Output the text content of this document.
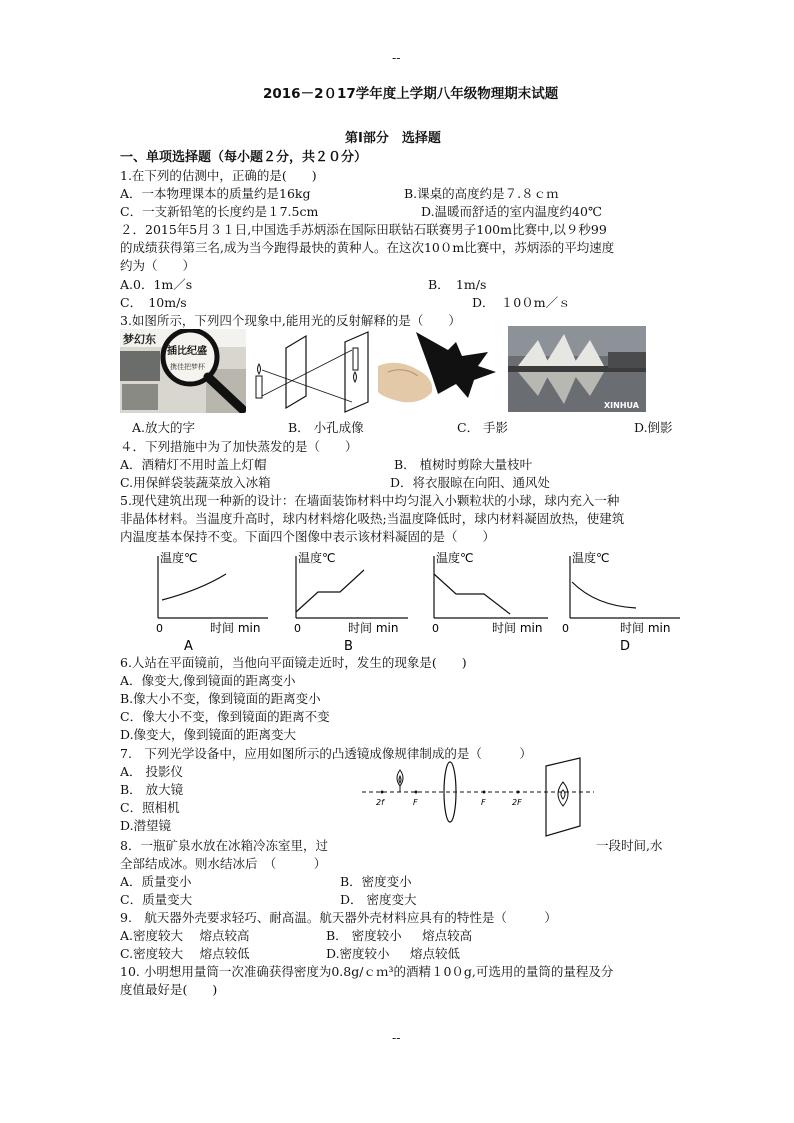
--
2016－2０17学年度上学期八年级物理期末试题
第Ⅰ部分　选择题
一、单项选择题（每小题２分，共２０分）
1.在下列的估测中，正确的是(　　)
A．一本物理课本的质量约是16kg	B.课桌的高度约是７.８ｃｍ
C．一支新铅笔的长度约是１7.5cm	D.温暖而舒适的室内温度约40℃
２．2015年5月３１日,中国选手苏炳添在国际田联钻石联赛男子100m比赛中,以９秒99
的成绩获得第三名,成为当今跑得最快的黄种人。在这次10０m比赛中，苏炳添的平均速度
约为（　　）
A.0．1m／s	B．　1m/s
C．　10m/s	D．　１0０m／ｓ
3.如图所示，下列四个现象中,能用光的反射解释的是（　　）
梦幻东
插比纪盛
携佳把梦杯
XINHUA
A.放大的字	B． 小孔成像	C． 手影	D.倒影
４．下列措施中为了加快蒸发的是（　　）
A．酒精灯不用时盖上灯帽	B． 植树时剪除大量枝叶
C.用保鲜袋装蔬菜放入冰箱	D．将衣服晾在向阳、通风处
5.现代建筑出现一种新的设计：在墙面装饰材料中均匀混入小颗粒状的小球，球内充入一种
非晶体材料。当温度升高时，球内材料熔化吸热;当温度降低时，球内材料凝固放热，使建筑
内温度基本保持不变。下面四个图像中表示该材料凝固的是（　　）
温度℃
0	时间 min
A
温度℃
0	时间 min
B
温度℃
0	时间 min
温度℃
0	时间 min
D
6.人站在平面镜前，当他向平面镜走近时，发生的现象是(　　)
A．像变大,像到镜面的距离变小
B.像大小不变，像到镜面的距离变小
C．像大小不变，像到镜面的距离不变
D.像变大，像到镜面的距离变大
7.　下列光学设备中，应用如图所示的凸透镜成像规律制成的是（　　　）
A． 投影仪
B． 放大镜
C．照相机
D.潜望镜
2f	F	F	2F
8．一瓶矿泉水放在冰箱冷冻室里，过	一段时间,水
全部结成冰。则水结冰后　（　　　）
A．质量变小	B．密度变小
C．质量变大	D． 密度变大
9.　航天器外壳要求轻巧、耐高温。航天器外壳材料应具有的特性是（　　　）
A.密度较大　 熔点较高	B． 密度较小 　 熔点较高
C.密度较大　 熔点较低	D.密度较小 　 熔点较低
10. 小明想用量筒一次准确获得密度为0.8g/ｃｍ³的酒精１0０g,可选用的量筒的量程及分
度值最好是(　　)
--
